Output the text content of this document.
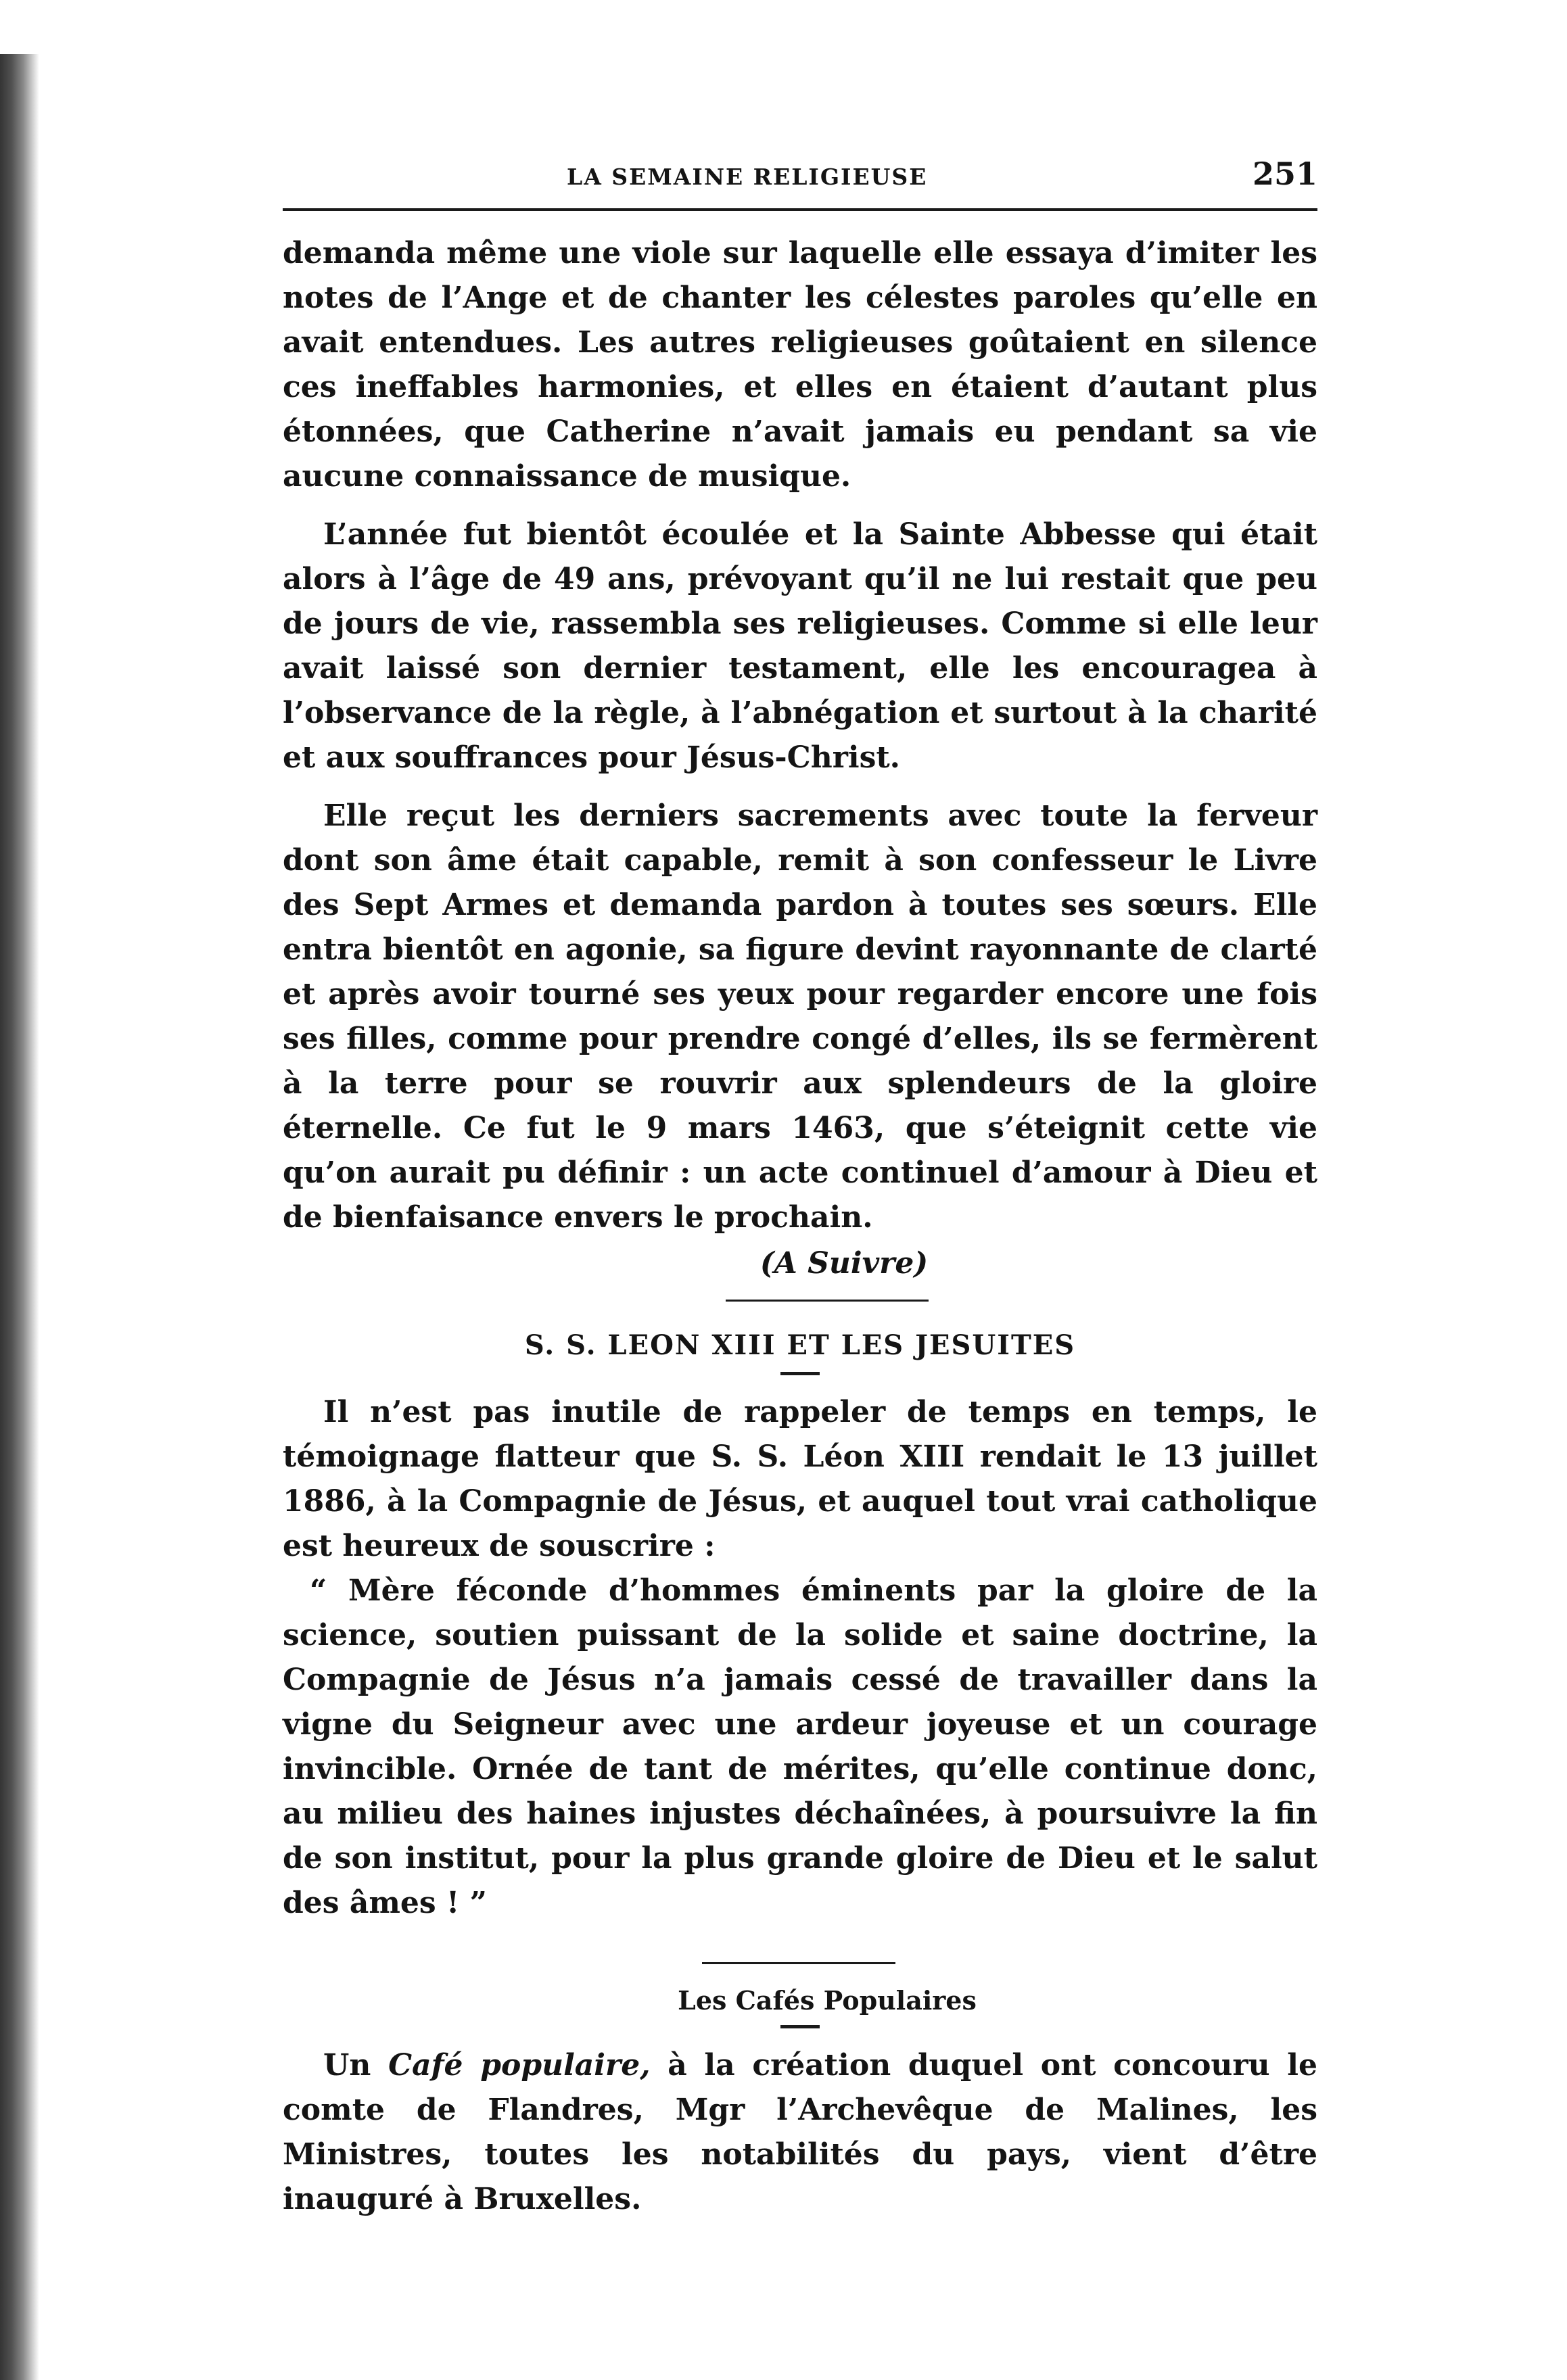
LA SEMAINE RELIGIEUSE	251

demanda même une viole sur laquelle elle essaya d’imiter les notes de l’Ange et de chanter les célestes paroles qu’elle en avait entendues. Les autres religieuses goûtaient en silence ces ineffables harmonies, et elles en étaient d’autant plus étonnées, que Catherine n’avait jamais eu pendant sa vie aucune connaissance de musique.

L’année fut bientôt écoulée et la Sainte Abbesse qui était alors à l’âge de 49 ans, prévoyant qu’il ne lui restait que peu de jours de vie, rassembla ses religieuses. Comme si elle leur avait laissé son dernier testament, elle les encouragea à l’observance de la règle, à l’abnégation et surtout à la charité et aux souffrances pour Jésus-Christ.

Elle reçut les derniers sacrements avec toute la ferveur dont son âme était capable, remit à son confesseur le Livre des Sept Armes et demanda pardon à toutes ses sœurs. Elle entra bientôt en agonie, sa figure devint rayonnante de clarté et après avoir tourné ses yeux pour regarder encore une fois ses filles, comme pour prendre congé d’elles, ils se fermèrent à la terre pour se rouvrir aux splendeurs de la gloire éternelle. Ce fut le 9 mars 1463, que s’éteignit cette vie qu’on aurait pu définir : un acte continuel d’amour à Dieu et de bienfaisance envers le prochain.

(A Suivre)
S. S. LEON XIII ET LES JESUITES

Il n’est pas inutile de rappeler de temps en temps, le témoignage flatteur que S. S. Léon XIII rendait le 13 juillet 1886, à la Compagnie de Jésus, et auquel tout vrai catholique est heureux de souscrire :

“ Mère féconde d’hommes éminents par la gloire de la science, soutien puissant de la solide et saine doctrine, la Compagnie de Jésus n’a jamais cessé de travailler dans la vigne du Seigneur avec une ardeur joyeuse et un courage invincible. Ornée de tant de mérites, qu’elle continue donc, au milieu des haines injustes déchaînées, à poursuivre la fin de son institut, pour la plus grande gloire de Dieu et le salut des âmes ! ”

Les Cafés Populaires

Un Café populaire, à la création duquel ont concouru le comte de Flandres, Mgr l’Archevêque de Malines, les Ministres, toutes les notabilités du pays, vient d’être inauguré à Bruxelles.
